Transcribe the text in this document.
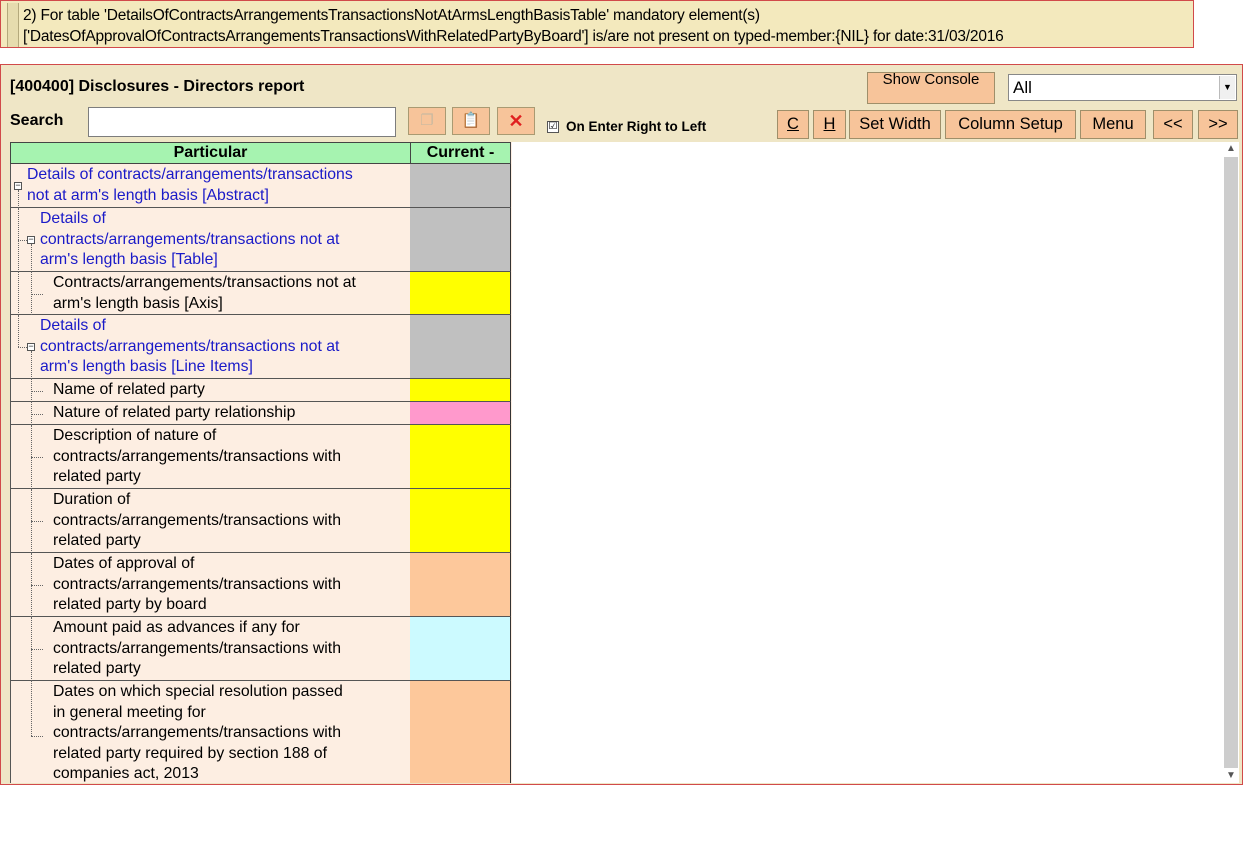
2) For table 'DetailsOfContractsArrangementsTransactionsNotAtArmsLengthBasisTable' mandatory element(s)
['DatesOfApprovalOfContractsArrangementsTransactionsWithRelatedPartyByBoard'] is/are not present on typed-member:{NIL} for date:31/03/2016
[400400] Disclosures - Directors report	Show Console	All	▼
Search	❐	📋	✕	☑ On Enter Right to Left	C	H	Set Width	Column Setup	Menu	<<	>>
Particular	Current -
Details of contracts/arrangements/transactions
not at arm's length basis [Abstract]
−
Details of
contracts/arrangements/transactions not at
arm's length basis [Table]
−
Contracts/arrangements/transactions not at
arm's length basis [Axis]
Details of
contracts/arrangements/transactions not at
arm's length basis [Line Items]
−
Name of related party
Nature of related party relationship
Description of nature of
contracts/arrangements/transactions with
related party
Duration of
contracts/arrangements/transactions with
related party
Dates of approval of
contracts/arrangements/transactions with
related party by board
Amount paid as advances if any for
contracts/arrangements/transactions with
related party
Dates on which special resolution passed
in general meeting for
contracts/arrangements/transactions with
related party required by section 188 of
companies act, 2013
▲
▼
